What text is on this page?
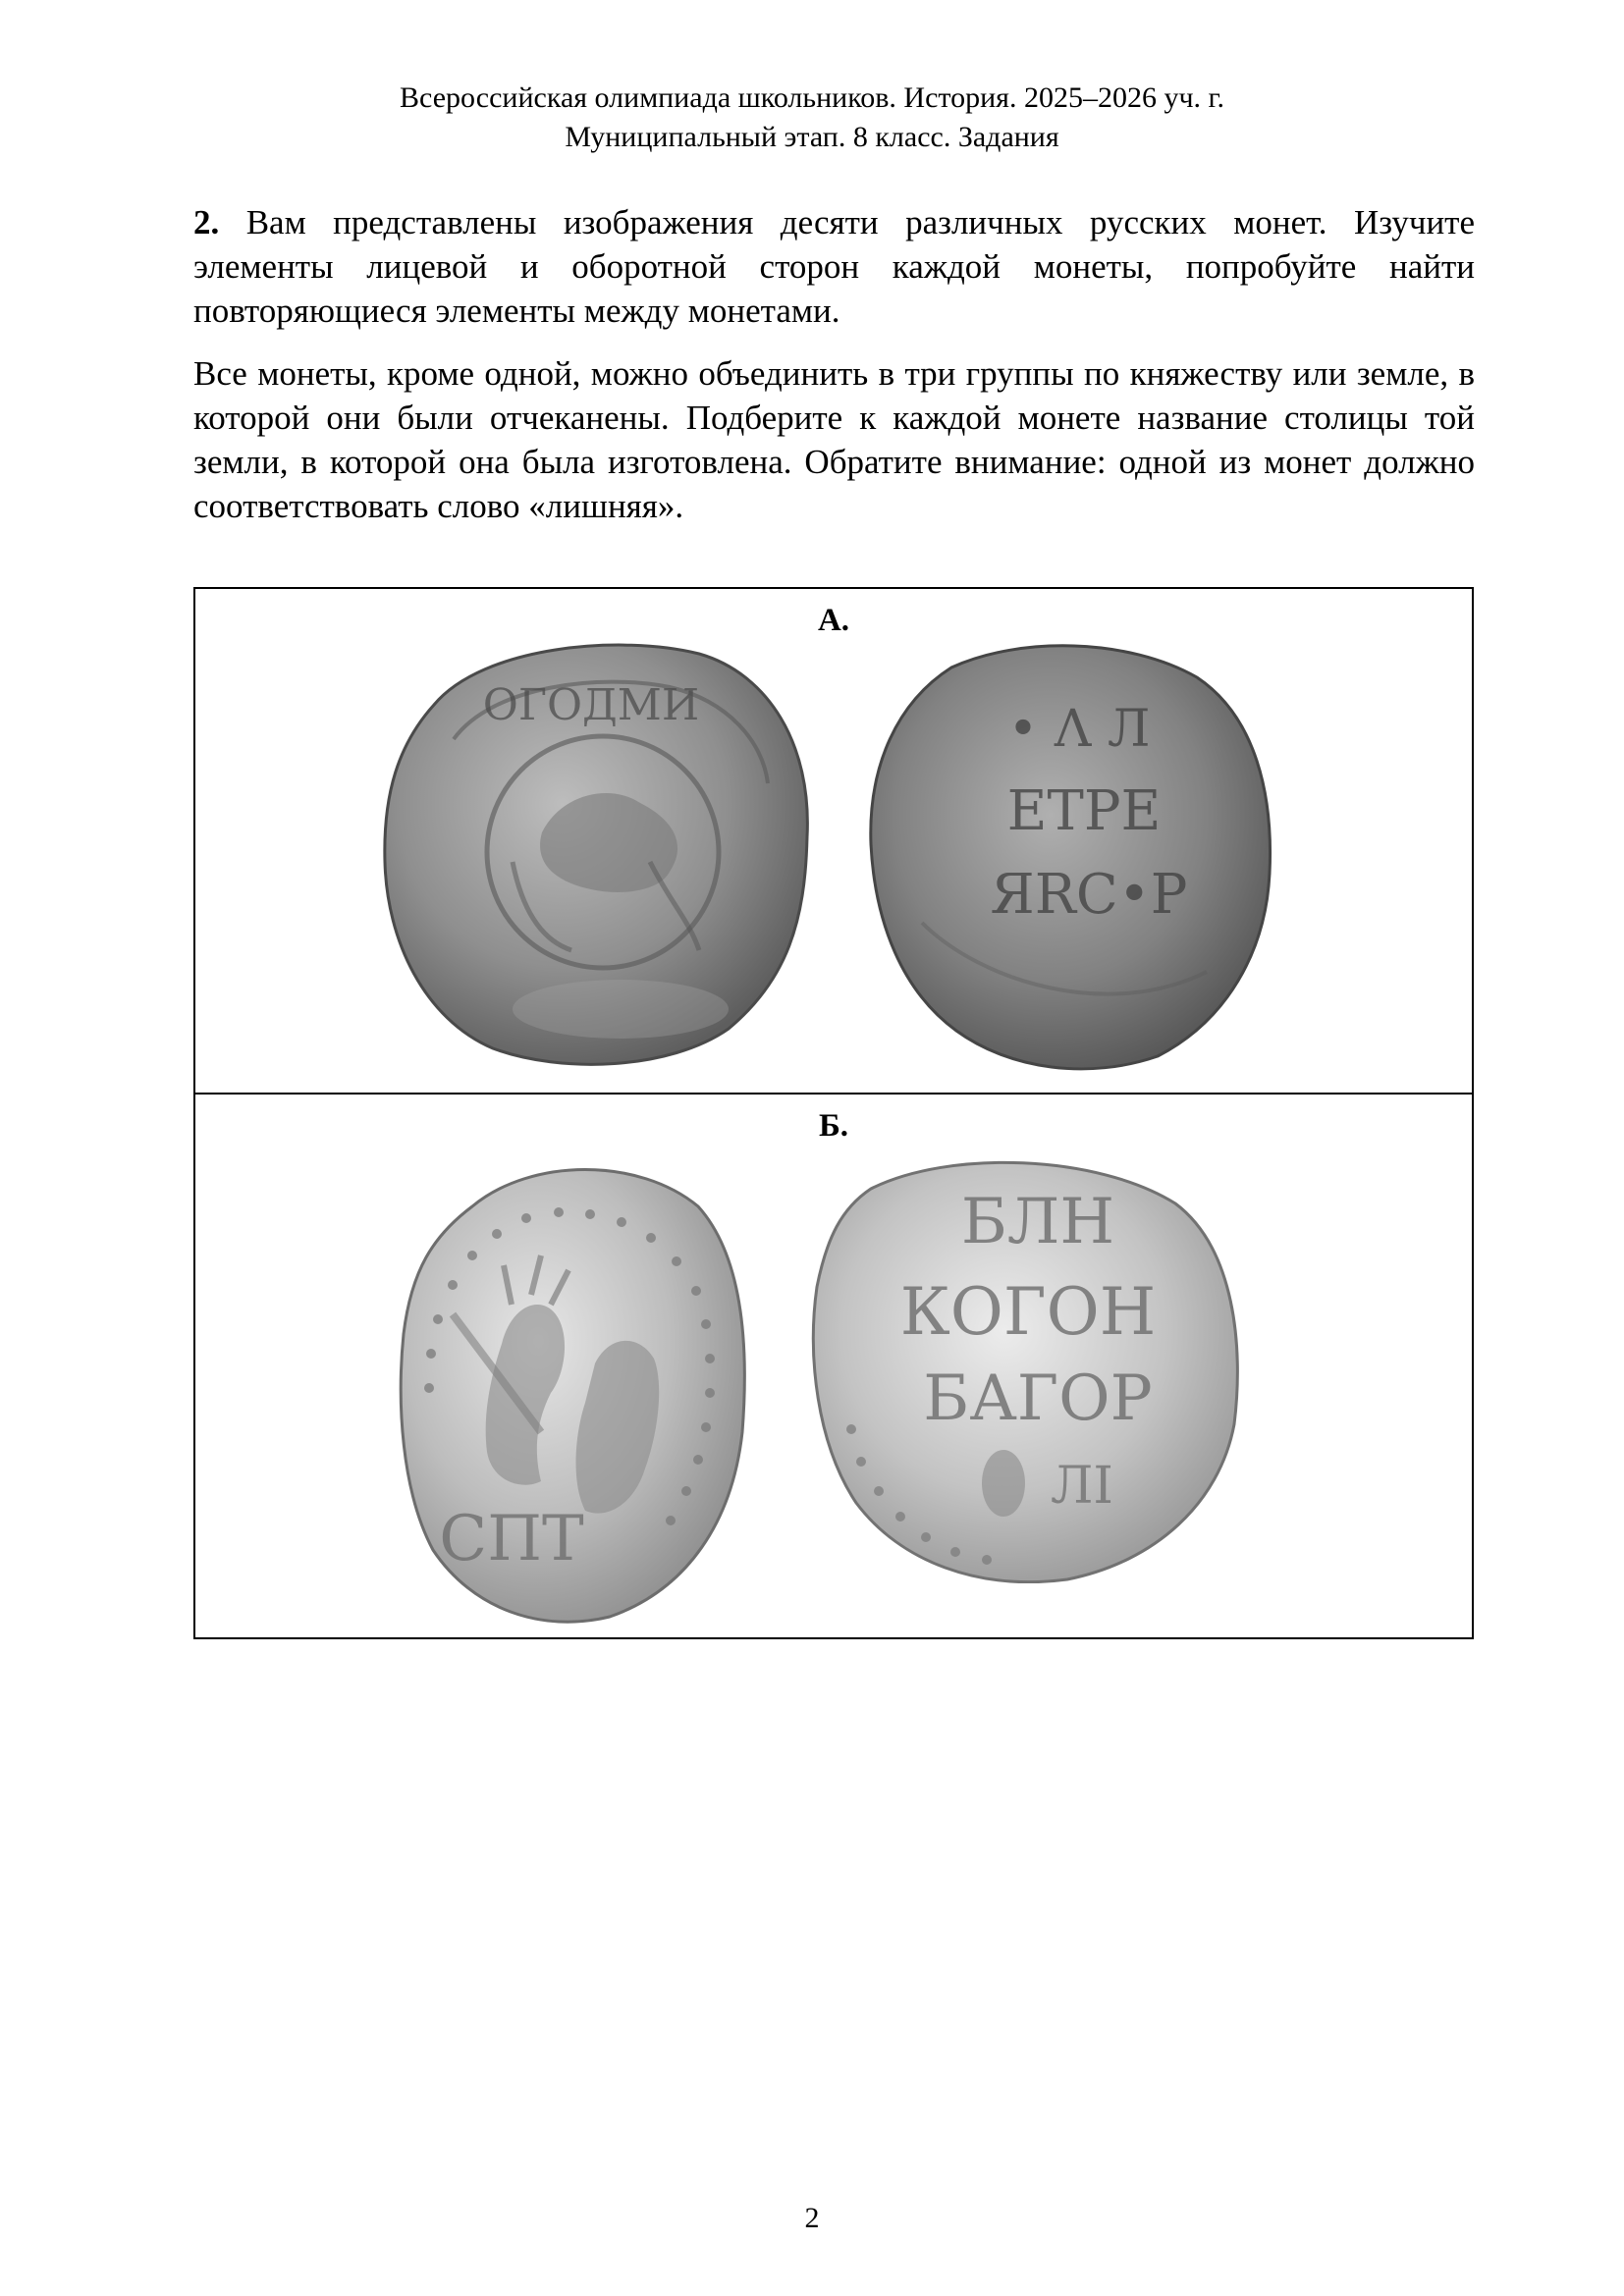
Всероссийская олимпиада школьников. История. 2025–2026 уч. г.
Муниципальный этап. 8 класс. Задания

2. Вам представлены изображения десяти различных русских монет. Изучите элементы лицевой и оборотной сторон каждой монеты, попробуйте найти повторяющиеся элементы между монетами.

Все монеты, кроме одной, можно объединить в три группы по княжеству или земле, в которой они были отчеканены. Подберите к каждой монете название столицы той земли, в которой она была изготовлена. Обратите внимание: одной из монет должно соответствовать слово «лишняя».

А.
ОГОДМИ	• Λ Л
ЕТРЕ
ЯRС•Р
Б.
СПТ
БЛН
КОГОН
БАГОР
ЛІ
2
